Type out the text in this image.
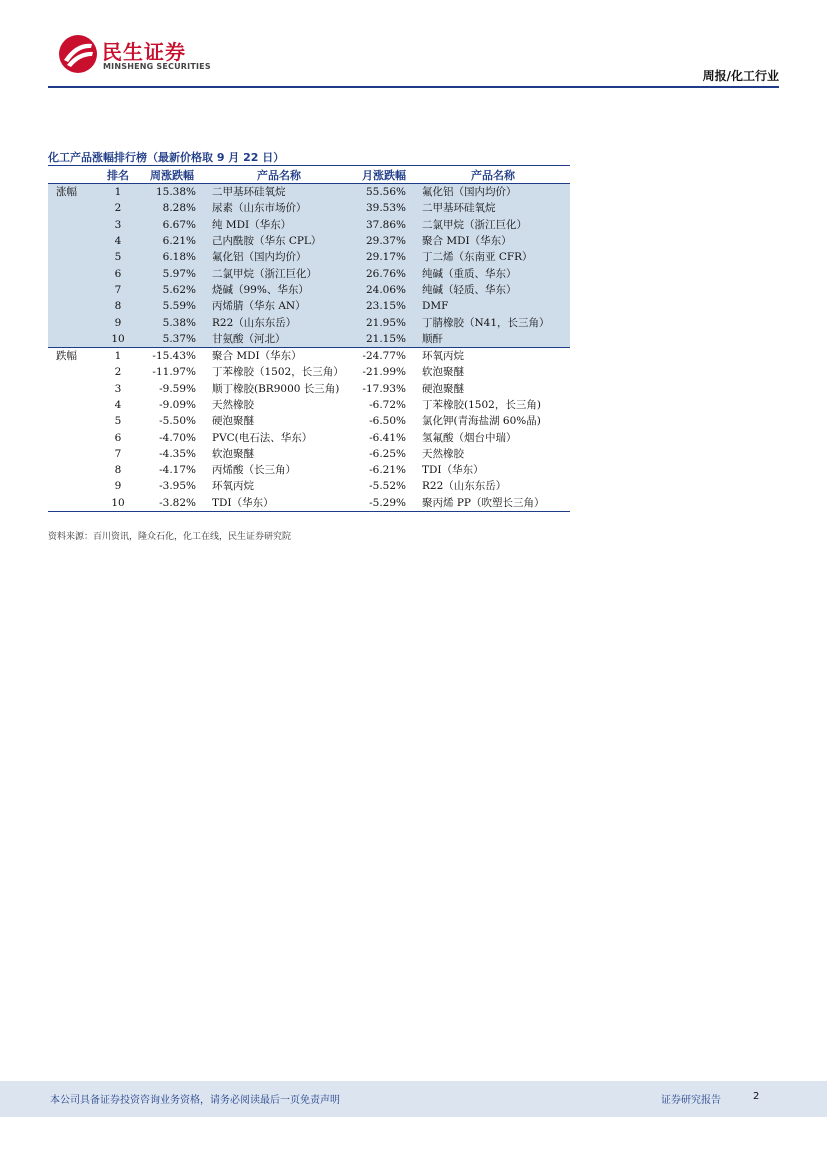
民生证券
MINSHENG SECURITIES
周报/化工行业
化工产品涨幅排行榜（最新价格取 9 月 22 日）
	排名	周涨跌幅	产品名称	月涨跌幅	产品名称
涨幅	1	15.38%	二甲基环硅氧烷	55.56%	氟化铝（国内均价）
	2	8.28%	尿素（山东市场价）	39.53%	二甲基环硅氧烷
	3	6.67%	纯 MDI（华东）	37.86%	二氯甲烷（浙江巨化）
	4	6.21%	己内酰胺（华东 CPL）	29.37%	聚合 MDI（华东）
	5	6.18%	氟化铝（国内均价）	29.17%	丁二烯（东南亚 CFR）
	6	5.97%	二氯甲烷（浙江巨化）	26.76%	纯碱（重质、华东）
	7	5.62%	烧碱（99%、华东）	24.06%	纯碱（轻质、华东）
	8	5.59%	丙烯腈（华东 AN）	23.15%	DMF
	9	5.38%	R22（山东东岳）	21.95%	丁腈橡胶（N41，长三角）
	10	5.37%	甘氨酸（河北）	21.15%	顺酐
跌幅	1	-15.43%	聚合 MDI（华东）	-24.77%	环氧丙烷
	2	-11.97%	丁苯橡胶（1502，长三角）	-21.99%	软泡聚醚
	3	-9.59%	顺丁橡胶(BR9000 长三角)	-17.93%	硬泡聚醚
	4	-9.09%	天然橡胶	-6.72%	丁苯橡胶(1502，长三角)
	5	-5.50%	硬泡聚醚	-6.50%	氯化钾(青海盐湖 60%晶)
	6	-4.70%	PVC(电石法、华东）	-6.41%	氢氟酸（烟台中瑞）
	7	-4.35%	软泡聚醚	-6.25%	天然橡胶
	8	-4.17%	丙烯酸（长三角）	-6.21%	TDI（华东）
	9	-3.95%	环氧丙烷	-5.52%	R22（山东东岳）
	10	-3.82%	TDI（华东）	-5.29%	聚丙烯 PP（吹塑长三角）
资料来源：百川资讯，隆众石化，化工在线，民生证券研究院
本公司具备证券投资咨询业务资格，请务必阅读最后一页免责声明	证券研究报告	2
